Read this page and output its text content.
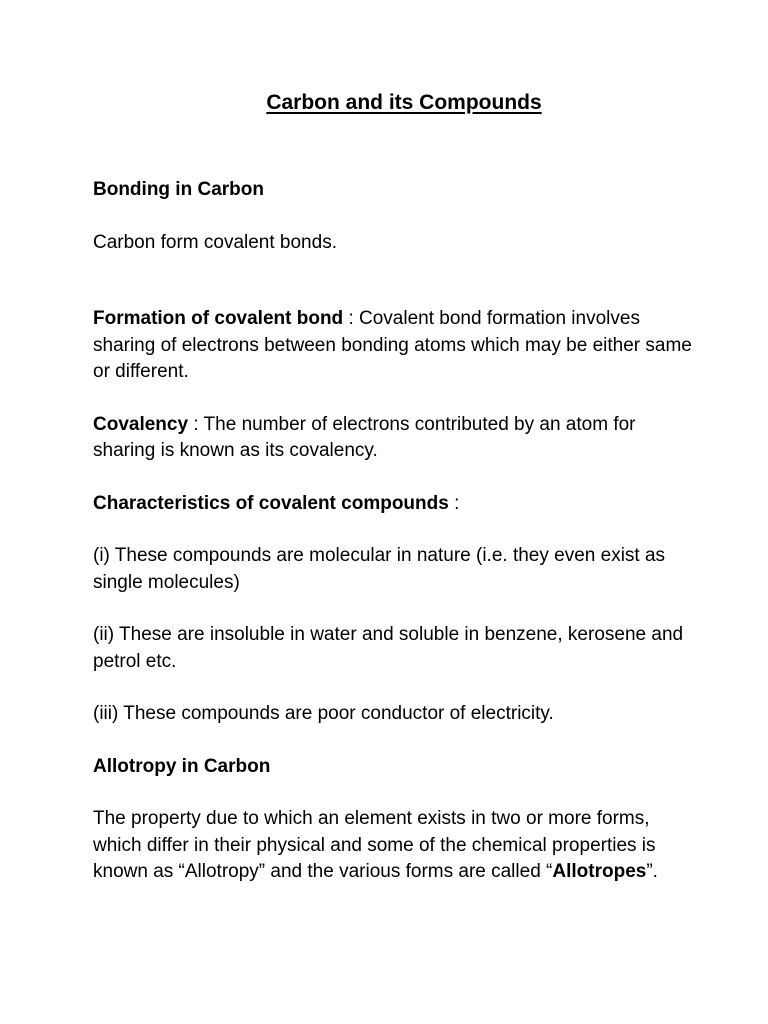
Carbon and its Compounds

Bonding in Carbon

Carbon form covalent bonds.

Formation of covalent bond : Covalent bond formation involves sharing of electrons between bonding atoms which may be either same or different.

Covalency : The number of electrons contributed by an atom for sharing is known as its covalency.

Characteristics of covalent compounds :

(i) These compounds are molecular in nature (i.e. they even exist as single molecules)

(ii) These are insoluble in water and soluble in benzene, kerosene and petrol etc.

(iii) These compounds are poor conductor of electricity.

Allotropy in Carbon

The property due to which an element exists in two or more forms, which differ in their physical and some of the chemical properties is known as “Allotropy” and the various forms are called “Allotropes”.
